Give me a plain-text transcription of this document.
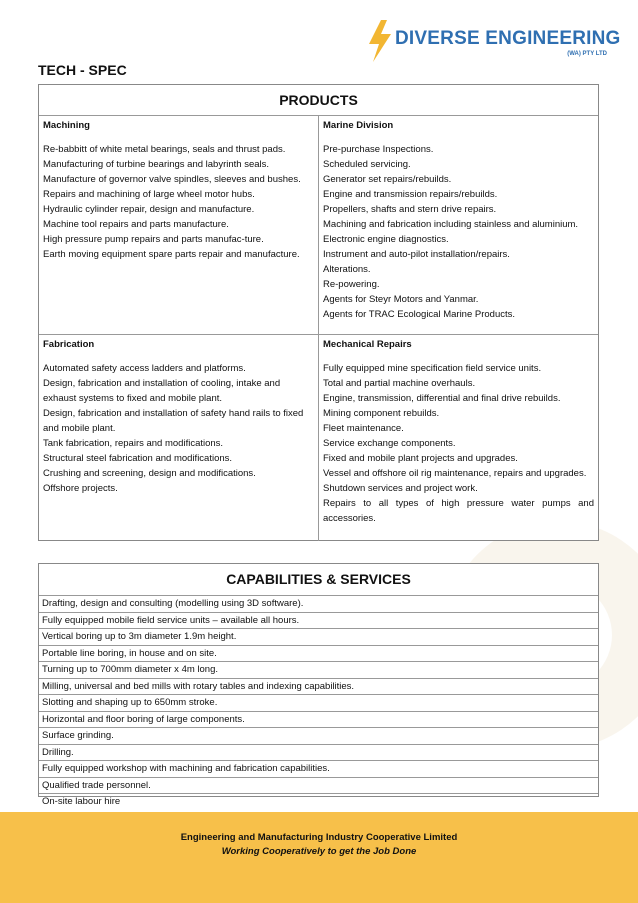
DIVERSE ENGINEERING
(WA) PTY LTD
TECH - SPEC
PRODUCTS
Machining
Re-babbitt of white metal bearings, seals and thrust pads.
Manufacturing of turbine bearings and labyrinth seals.
Manufacture of governor valve spindles, sleeves and bushes.
Repairs and machining of large wheel motor hubs.
Hydraulic cylinder repair, design and manufacture.
Machine tool repairs and parts manufacture.
High pressure pump repairs and parts manufac-ture.
Earth moving equipment spare parts repair and manufacture.
Marine Division
Pre-purchase Inspections.
Scheduled servicing.
Generator set repairs/rebuilds.
Engine and transmission repairs/rebuilds.
Propellers, shafts and stern drive repairs.
Machining and fabrication including stainless and aluminium.
Electronic engine diagnostics.
Instrument and auto-pilot installation/repairs.
Alterations.
Re-powering.
Agents for Steyr Motors and Yanmar.
Agents for TRAC Ecological Marine Products.
Fabrication
Automated safety access ladders and platforms.
Design, fabrication and installation of cooling, intake and exhaust systems to fixed and mobile plant.
Design, fabrication and installation of safety hand rails to fixed and mobile plant.
Tank fabrication, repairs and modifications.
Structural steel fabrication and modifications.
Crushing and screening, design and modifications.
Offshore projects.
Mechanical Repairs
Fully equipped mine specification field service units.
Total and partial machine overhauls.
Engine, transmission, differential and final drive rebuilds.
Mining component rebuilds.
Fleet maintenance.
Service exchange components.
Fixed and mobile plant projects and upgrades.
Vessel and offshore oil rig maintenance, repairs and upgrades.
Shutdown services and project work.
Repairs to all types of high pressure water pumps and accessories.
CAPABILITIES & SERVICES
Drafting, design and consulting (modelling using 3D software).
Fully equipped mobile field service units – available all hours.
Vertical boring up to 3m diameter 1.9m height.
Portable line boring, in house and on site.
Turning up to 700mm diameter x 4m long.
Milling, universal and bed mills with rotary tables and indexing capabilities.
Slotting and shaping up to 650mm stroke.
Horizontal and floor boring of large components.
Surface grinding.
Drilling.
Fully equipped workshop with machining and fabrication capabilities.
Qualified trade personnel.
On-site labour hire
Engineering and Manufacturing Industry Cooperative Limited
Working Cooperatively to get the Job Done
